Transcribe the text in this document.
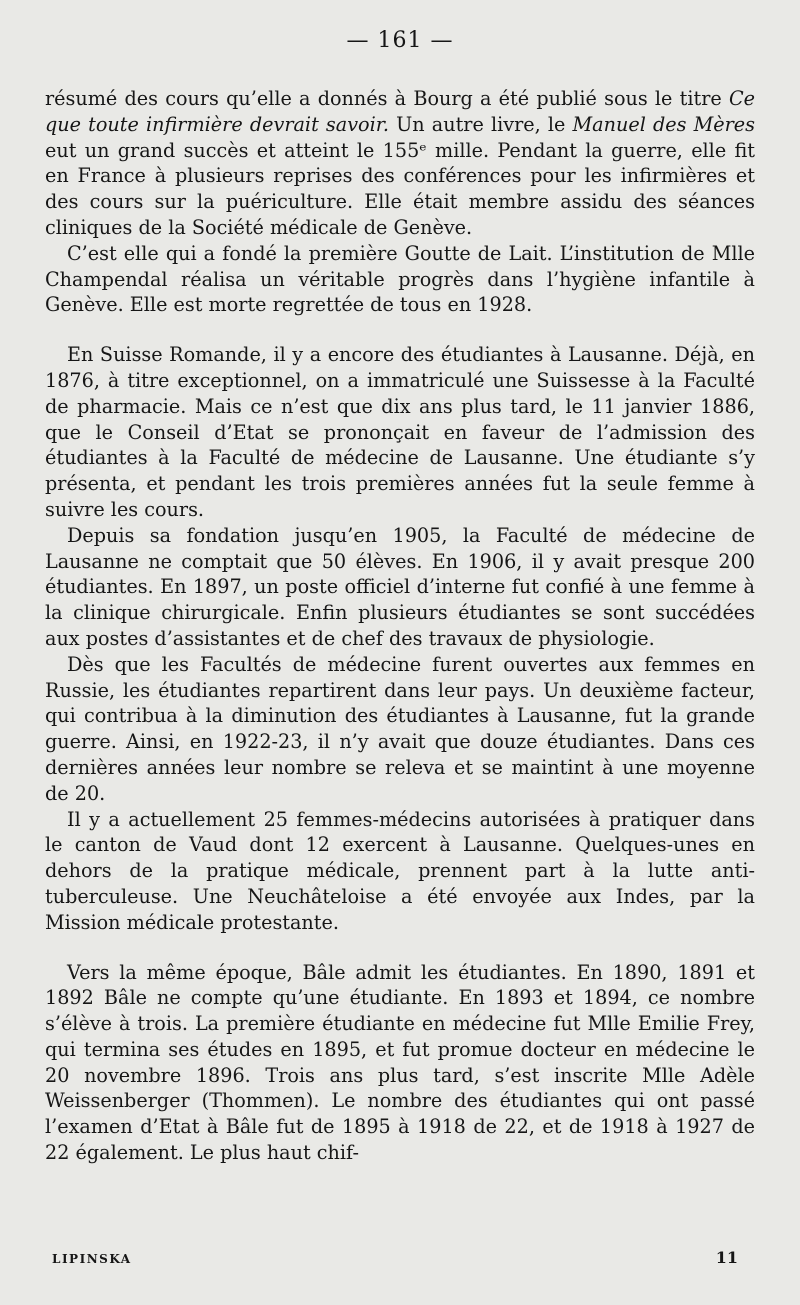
— 161 —

résumé des cours qu’elle a donnés à Bourg a été publié sous le titre Ce que toute infirmière devrait savoir. Un autre livre, le Manuel des Mères eut un grand succès et atteint le 155ᵉ mille. Pendant la guerre, elle fit en France à plusieurs reprises des conférences pour les infirmières et des cours sur la puériculture. Elle était membre assidu des séances cliniques de la Société médicale de Genève.

C’est elle qui a fondé la première Goutte de Lait. L’institution de Mlle Champendal réalisa un véritable progrès dans l’hygiène infantile à Genève. Elle est morte regrettée de tous en 1928.

En Suisse Romande, il y a encore des étudiantes à Lausanne. Déjà, en 1876, à titre exceptionnel, on a immatriculé une Suissesse à la Faculté de pharmacie. Mais ce n’est que dix ans plus tard, le 11 janvier 1886, que le Conseil d’Etat se prononçait en faveur de l’admission des étudiantes à la Faculté de médecine de Lausanne. Une étudiante s’y présenta, et pendant les trois premières années fut la seule femme à suivre les cours.

Depuis sa fondation jusqu’en 1905, la Faculté de médecine de Lausanne ne comptait que 50 élèves. En 1906, il y avait presque 200 étudiantes. En 1897, un poste officiel d’interne fut confié à une femme à la clinique chirurgicale. Enfin plusieurs étudiantes se sont succédées aux postes d’assistantes et de chef des travaux de physiologie.

Dès que les Facultés de médecine furent ouvertes aux femmes en Russie, les étudiantes repartirent dans leur pays. Un deuxième facteur, qui contribua à la diminution des étudiantes à Lausanne, fut la grande guerre. Ainsi, en 1922-23, il n’y avait que douze étudiantes. Dans ces dernières années leur nombre se releva et se maintint à une moyenne de 20.

Il y a actuellement 25 femmes-médecins autorisées à pratiquer dans le canton de Vaud dont 12 exercent à Lausanne. Quelques-unes en dehors de la pratique médicale, prennent part à la lutte anti-tuberculeuse. Une Neuchâteloise a été envoyée aux Indes, par la Mission médicale protestante.

Vers la même époque, Bâle admit les étudiantes. En 1890, 1891 et 1892 Bâle ne compte qu’une étudiante. En 1893 et 1894, ce nombre s’élève à trois. La première étudiante en médecine fut Mlle Emilie Frey, qui termina ses études en 1895, et fut promue docteur en médecine le 20 novembre 1896. Trois ans plus tard, s’est inscrite Mlle Adèle Weissenberger (Thommen). Le nombre des étudiantes qui ont passé l’examen d’Etat à Bâle fut de 1895 à 1918 de 22, et de 1918 à 1927 de 22 également. Le plus haut chif-

LIPINSKA	11
